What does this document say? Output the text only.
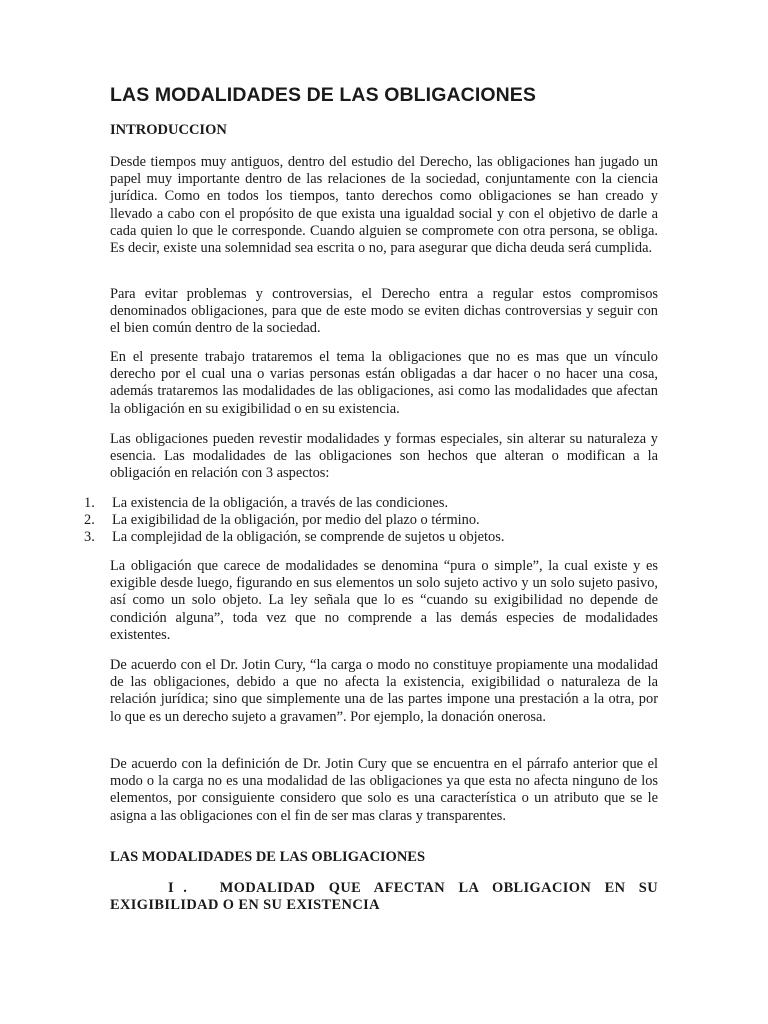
LAS MODALIDADES DE LAS OBLIGACIONES
INTRODUCCION

Desde tiempos muy antiguos, dentro del estudio del Derecho, las obligaciones han jugado un papel muy importante dentro de las relaciones de la sociedad, conjuntamente con la ciencia jurídica. Como en todos los tiempos, tanto derechos como obligaciones se han creado y llevado a cabo con el propósito de que exista una igualdad social y con el objetivo de darle a cada quien lo que le corresponde. Cuando alguien se compromete con otra persona, se obliga. Es decir, existe una solemnidad sea escrita o no, para asegurar que dicha deuda será cumplida.

Para evitar problemas y controversias, el Derecho entra a regular estos compromisos denominados obligaciones, para que de este modo se eviten dichas controversias y seguir con el bien común dentro de la sociedad.

En el presente trabajo trataremos el tema la obligaciones que no es mas que un vínculo derecho por el cual una o varias personas están obligadas a dar hacer o no hacer una cosa, además trataremos las modalidades de las obligaciones, asi como las modalidades que afectan la obligación en su exigibilidad o en su existencia.

Las obligaciones pueden revestir modalidades y formas especiales, sin alterar su naturaleza y esencia. Las modalidades de las obligaciones son hechos que alteran o modifican a la obligación en relación con 3 aspectos:

1. La existencia de la obligación, a través de las condiciones.
2. La exigibilidad de la obligación, por medio del plazo o término.
3. La complejidad de la obligación, se comprende de sujetos u objetos.

La obligación que carece de modalidades se denomina “pura o simple”, la cual existe y es exigible desde luego, figurando en sus elementos un solo sujeto activo y un solo sujeto pasivo, así como un solo objeto. La ley señala que lo es “cuando su exigibilidad no depende de condición alguna”, toda vez que no comprende a las demás especies de modalidades existentes.

De acuerdo con el Dr. Jotin Cury, “la carga o modo no constituye propiamente una modalidad de las obligaciones, debido a que no afecta la existencia, exigibilidad o naturaleza de la relación jurídica; sino que simplemente una de las partes impone una prestación a la otra, por lo que es un derecho sujeto a gravamen”. Por ejemplo, la donación onerosa.

De acuerdo con la definición de Dr. Jotin Cury que se encuentra en el párrafo anterior que el modo o la carga no es una modalidad de las obligaciones ya que esta no afecta ninguno de los elementos, por consiguiente considero que solo es una característica o un atributo que se le asigna a las obligaciones con el fin de ser mas claras y transparentes.

LAS MODALIDADES DE LAS OBLIGACIONES

I . MODALIDAD QUE AFECTAN LA OBLIGACION EN SU EXIGIBILIDAD O EN SU EXISTENCIA
